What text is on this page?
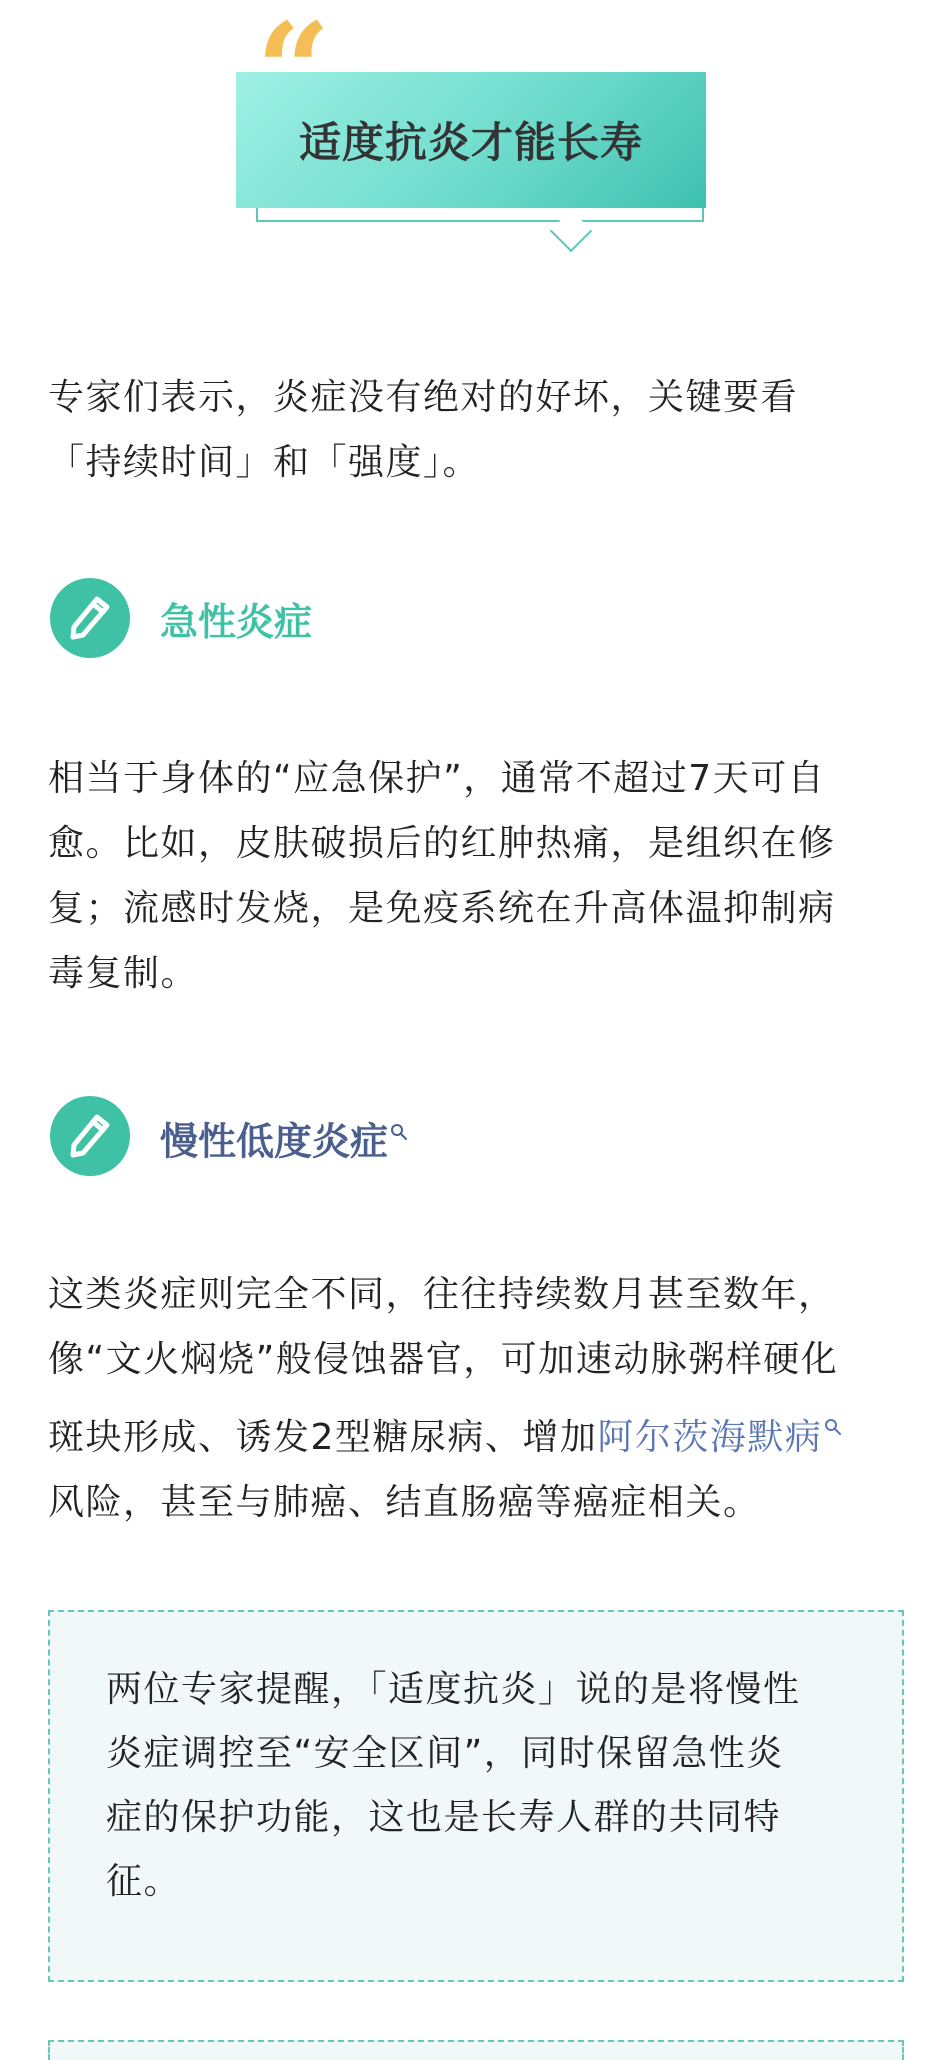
适度抗炎才能长寿
“
专家们表示，炎症没有绝对的好坏，关键要看
「持续时间」和「强度」。
急性炎症
相当于身体的“应急保护”，通常不超过7天可自
愈。比如，皮肤破损后的红肿热痛，是组织在修
复；流感时发烧，是免疫系统在升高体温抑制病
毒复制。
慢性低度炎症
这类炎症则完全不同，往往持续数月甚至数年，
像“文火焖烧”般侵蚀器官，可加速动脉粥样硬化
斑块形成、诱发2型糖尿病、增加阿尔茨海默病
风险，甚至与肺癌、结直肠癌等癌症相关。
两位专家提醒，「适度抗炎」说的是将慢性
炎症调控至“安全区间”，同时保留急性炎
症的保护功能，这也是长寿人群的共同特
征。
